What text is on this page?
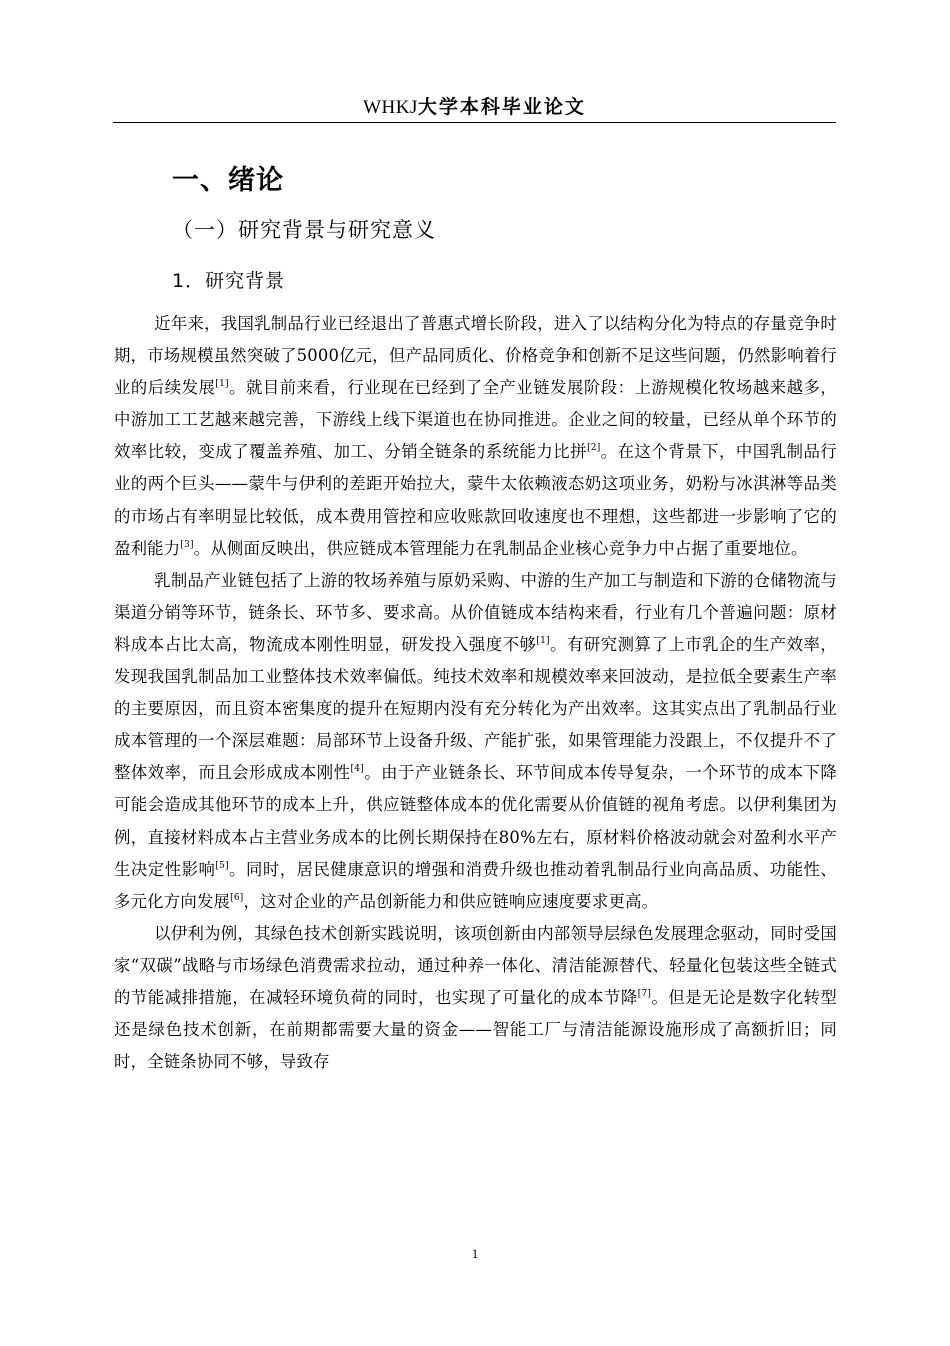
WHKJ大学本科毕业论文
一、绪论
（一）研究背景与研究意义
1．研究背景

近年来，我国乳制品行业已经退出了普惠式增长阶段，进入了以结构分化为特点的存量竞争时期，市场规模虽然突破了5000亿元，但产品同质化、价格竞争和创新不足这些问题，仍然影响着行业的后续发展[1]。就目前来看，行业现在已经到了全产业链发展阶段：上游规模化牧场越来越多，中游加工工艺越来越完善，下游线上线下渠道也在协同推进。企业之间的较量，已经从单个环节的效率比较，变成了覆盖养殖、加工、分销全链条的系统能力比拼[2]。在这个背景下，中国乳制品行业的两个巨头——蒙牛与伊利的差距开始拉大，蒙牛太依赖液态奶这项业务，奶粉与冰淇淋等品类的市场占有率明显比较低，成本费用管控和应收账款回收速度也不理想，这些都进一步影响了它的盈利能力[3]。从侧面反映出，供应链成本管理能力在乳制品企业核心竞争力中占据了重要地位。

乳制品产业链包括了上游的牧场养殖与原奶采购、中游的生产加工与制造和下游的仓储物流与渠道分销等环节，链条长、环节多、要求高。从价值链成本结构来看，行业有几个普遍问题：原材料成本占比太高，物流成本刚性明显，研发投入强度不够[1]。有研究测算了上市乳企的生产效率，发现我国乳制品加工业整体技术效率偏低。纯技术效率和规模效率来回波动，是拉低全要素生产率的主要原因，而且资本密集度的提升在短期内没有充分转化为产出效率。这其实点出了乳制品行业成本管理的一个深层难题：局部环节上设备升级、产能扩张，如果管理能力没跟上，不仅提升不了整体效率，而且会形成成本刚性[4]。由于产业链条长、环节间成本传导复杂，一个环节的成本下降可能会造成其他环节的成本上升，供应链整体成本的优化需要从价值链的视角考虑。以伊利集团为例，直接材料成本占主营业务成本的比例长期保持在80%左右，原材料价格波动就会对盈利水平产生决定性影响[5]。同时，居民健康意识的增强和消费升级也推动着乳制品行业向高品质、功能性、多元化方向发展[6]，这对企业的产品创新能力和供应链响应速度要求更高。

以伊利为例，其绿色技术创新实践说明，该项创新由内部领导层绿色发展理念驱动，同时受国家“双碳”战略与市场绿色消费需求拉动，通过种养一体化、清洁能源替代、轻量化包装这些全链式的节能减排措施，在减轻环境负荷的同时，也实现了可量化的成本节降[7]。但是无论是数字化转型还是绿色技术创新，在前期都需要大量的资金——智能工厂与清洁能源设施形成了高额折旧；同时，全链条协同不够，导致存

1
